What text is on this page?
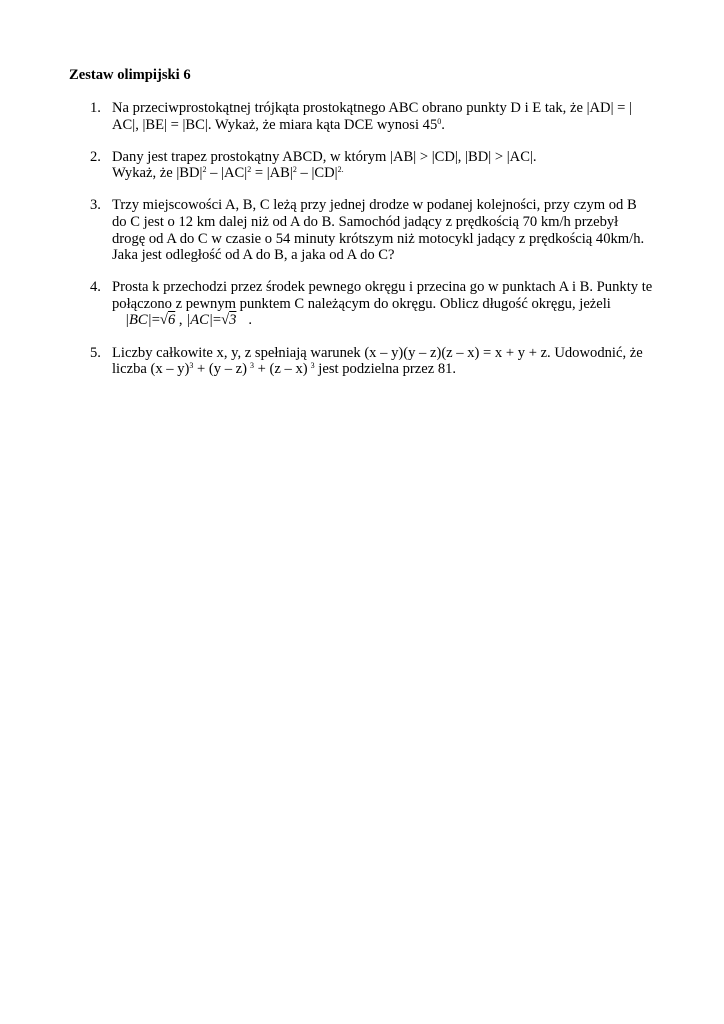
Zestaw olimpijski 6
1. Na przeciwprostokątnej trójkąta prostokątnego ABC obrano punkty D i E tak, że |AD| = |
AC|, |BE| = |BC|. Wykaż, że miara kąta DCE wynosi $45^0$.
2. Dany jest trapez prostokątny ABCD, w którym |AB| > |CD|, |BD| > |AC|.
Wykaż, że $|BD|^2 - |AC|^2 = |AB|^2 - |CD|^{2.}$
3. Trzy miejscowości A, B, C leżą przy jednej drodze w podanej kolejności, przy czym od B
do C jest o 12 km dalej niż od A do B. Samochód jadący z prędkością 70 km/h przebył
drogę od A do C w czasie o 54 minuty krótszym niż motocykl jadący z prędkością 40km/h.
Jaka jest odległość od A do B, a jaka od A do C?
4. Prosta k przechodzi przez środek pewnego okręgu i przecina go w punktach A i B. Punkty te
połączono z pewnym punktem C należącym do okręgu. Oblicz długość okręgu, jeżeli
|BC|=√6 , |AC|=√3 .
5. Liczby całkowite x, y, z spełniają warunek (x – y)(y – z)(z – x) = x + y + z. Udowodnić, że
liczba (x – y)$^3$ + (y – z) $^3$ + (z – x) $^3$ jest podzielna przez 81.
